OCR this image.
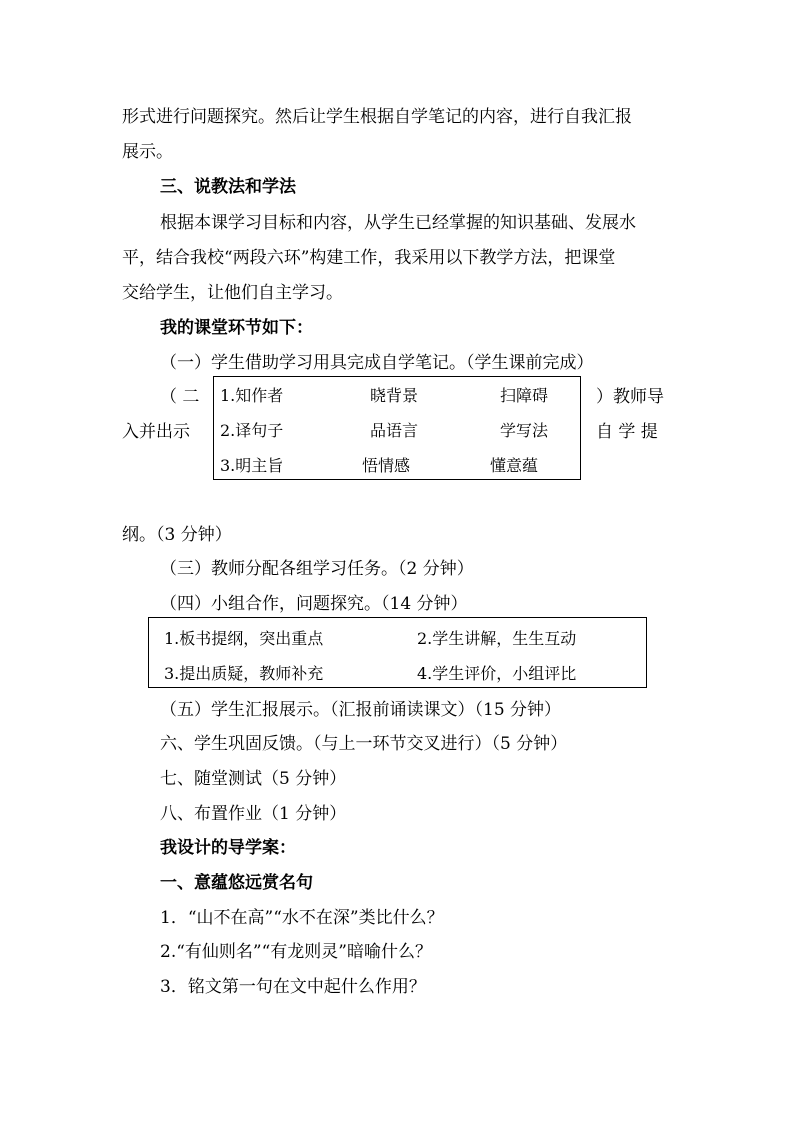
形式进行问题探究。然后让学生根据自学笔记的内容，进行自我汇报
展示。
三、说教法和学法
根据本课学习目标和内容，从学生已经掌握的知识基础、发展水
平，结合我校“两段六环”构建工作，我采用以下教学方法，把课堂
交给学生，让他们自主学习。
我的课堂环节如下：
（一）学生借助学习用具完成自学笔记。（学生课前完成）
（ 二
入并出示
）教师导
自 学 提
1.知作者	晓背景	扫障碍
2.译句子	品语言	学写法
3.明主旨	悟情感	懂意蕴
纲。（3 分钟）
（三）教师分配各组学习任务。（2 分钟）
（四）小组合作，问题探究。（14 分钟）
1.板书提纲，突出重点	2.学生讲解，生生互动
3.提出质疑，教师补充	4.学生评价，小组评比
（五）学生汇报展示。（汇报前诵读课文）（15 分钟）
六、学生巩固反馈。（与上一环节交叉进行）（5 分钟）
七、随堂测试（5 分钟）
八、布置作业（1 分钟）
我设计的导学案：
一、意蕴悠远赏名句
1．“山不在高”“水不在深”类比什么？
2.“有仙则名”“有龙则灵”暗喻什么？
3．铭文第一句在文中起什么作用？
